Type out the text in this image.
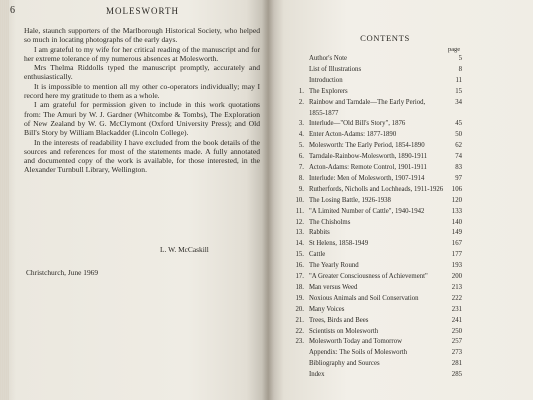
6	MOLESWORTH

Hale, staunch supporters of the Marlborough Historical Society, who helped so much in locating photographs of the early days.

I am grateful to my wife for her critical reading of the manuscript and for her extreme tolerance of my numerous absences at Molesworth.

Mrs Thelma Riddolls typed the manuscript promptly, accurately and enthusiastically.

It is impossible to mention all my other co-operators individually; may I record here my gratitude to them as a whole.

I am grateful for permission given to include in this work quotations from: The Amuri by W. J. Gardner (Whitcombe & Tombs), The Exploration of New Zealand by W. G. McClymont (Oxford University Press); and Old Bill's Story by William Blackadder (Lincoln College).

In the interests of readability I have excluded from the book details of the sources and references for most of the statements made. A fully annotated and documented copy of the work is available, for those interested, in the Alexander Turnbull Library, Wellington.

L. W. McCaskill
Christchurch, June 1969
CONTENTS
page
Author's Note	5
List of Illustrations	8
Introduction	11
1. The Explorers	15
2. Rainbow and Tarndale—The Early Period,	34
1855-1877
3. Interlude—"Old Bill's Story", 1876	45
4. Enter Acton-Adams: 1877-1890	50
5. Molesworth: The Early Period, 1854-1890	62
6. Tarndale-Rainbow-Molesworth, 1890-1911	74
7. Acton-Adams: Remote Control, 1901-1911	83
8. Interlude: Men of Molesworth, 1907-1914	97
9. Rutherfords, Nicholls and Lochheads, 1911-1926	106
10. The Losing Battle, 1926-1938	120
11. "A Limited Number of Cattle", 1940-1942	133
12. The Chisholms	140
13. Rabbits	149
14. St Helens, 1858-1949	167
15. Cattle	177
16. The Yearly Round	193
17. "A Greater Consciousness of Achievement"	200
18. Man versus Weed	213
19. Noxious Animals and Soil Conservation	222
20. Many Voices	231
21. Trees, Birds and Bees	241
22. Scientists on Molesworth	250
23. Molesworth Today and Tomorrow	257
Appendix: The Soils of Molesworth	273
Bibliography and Sources	281
Index	285
